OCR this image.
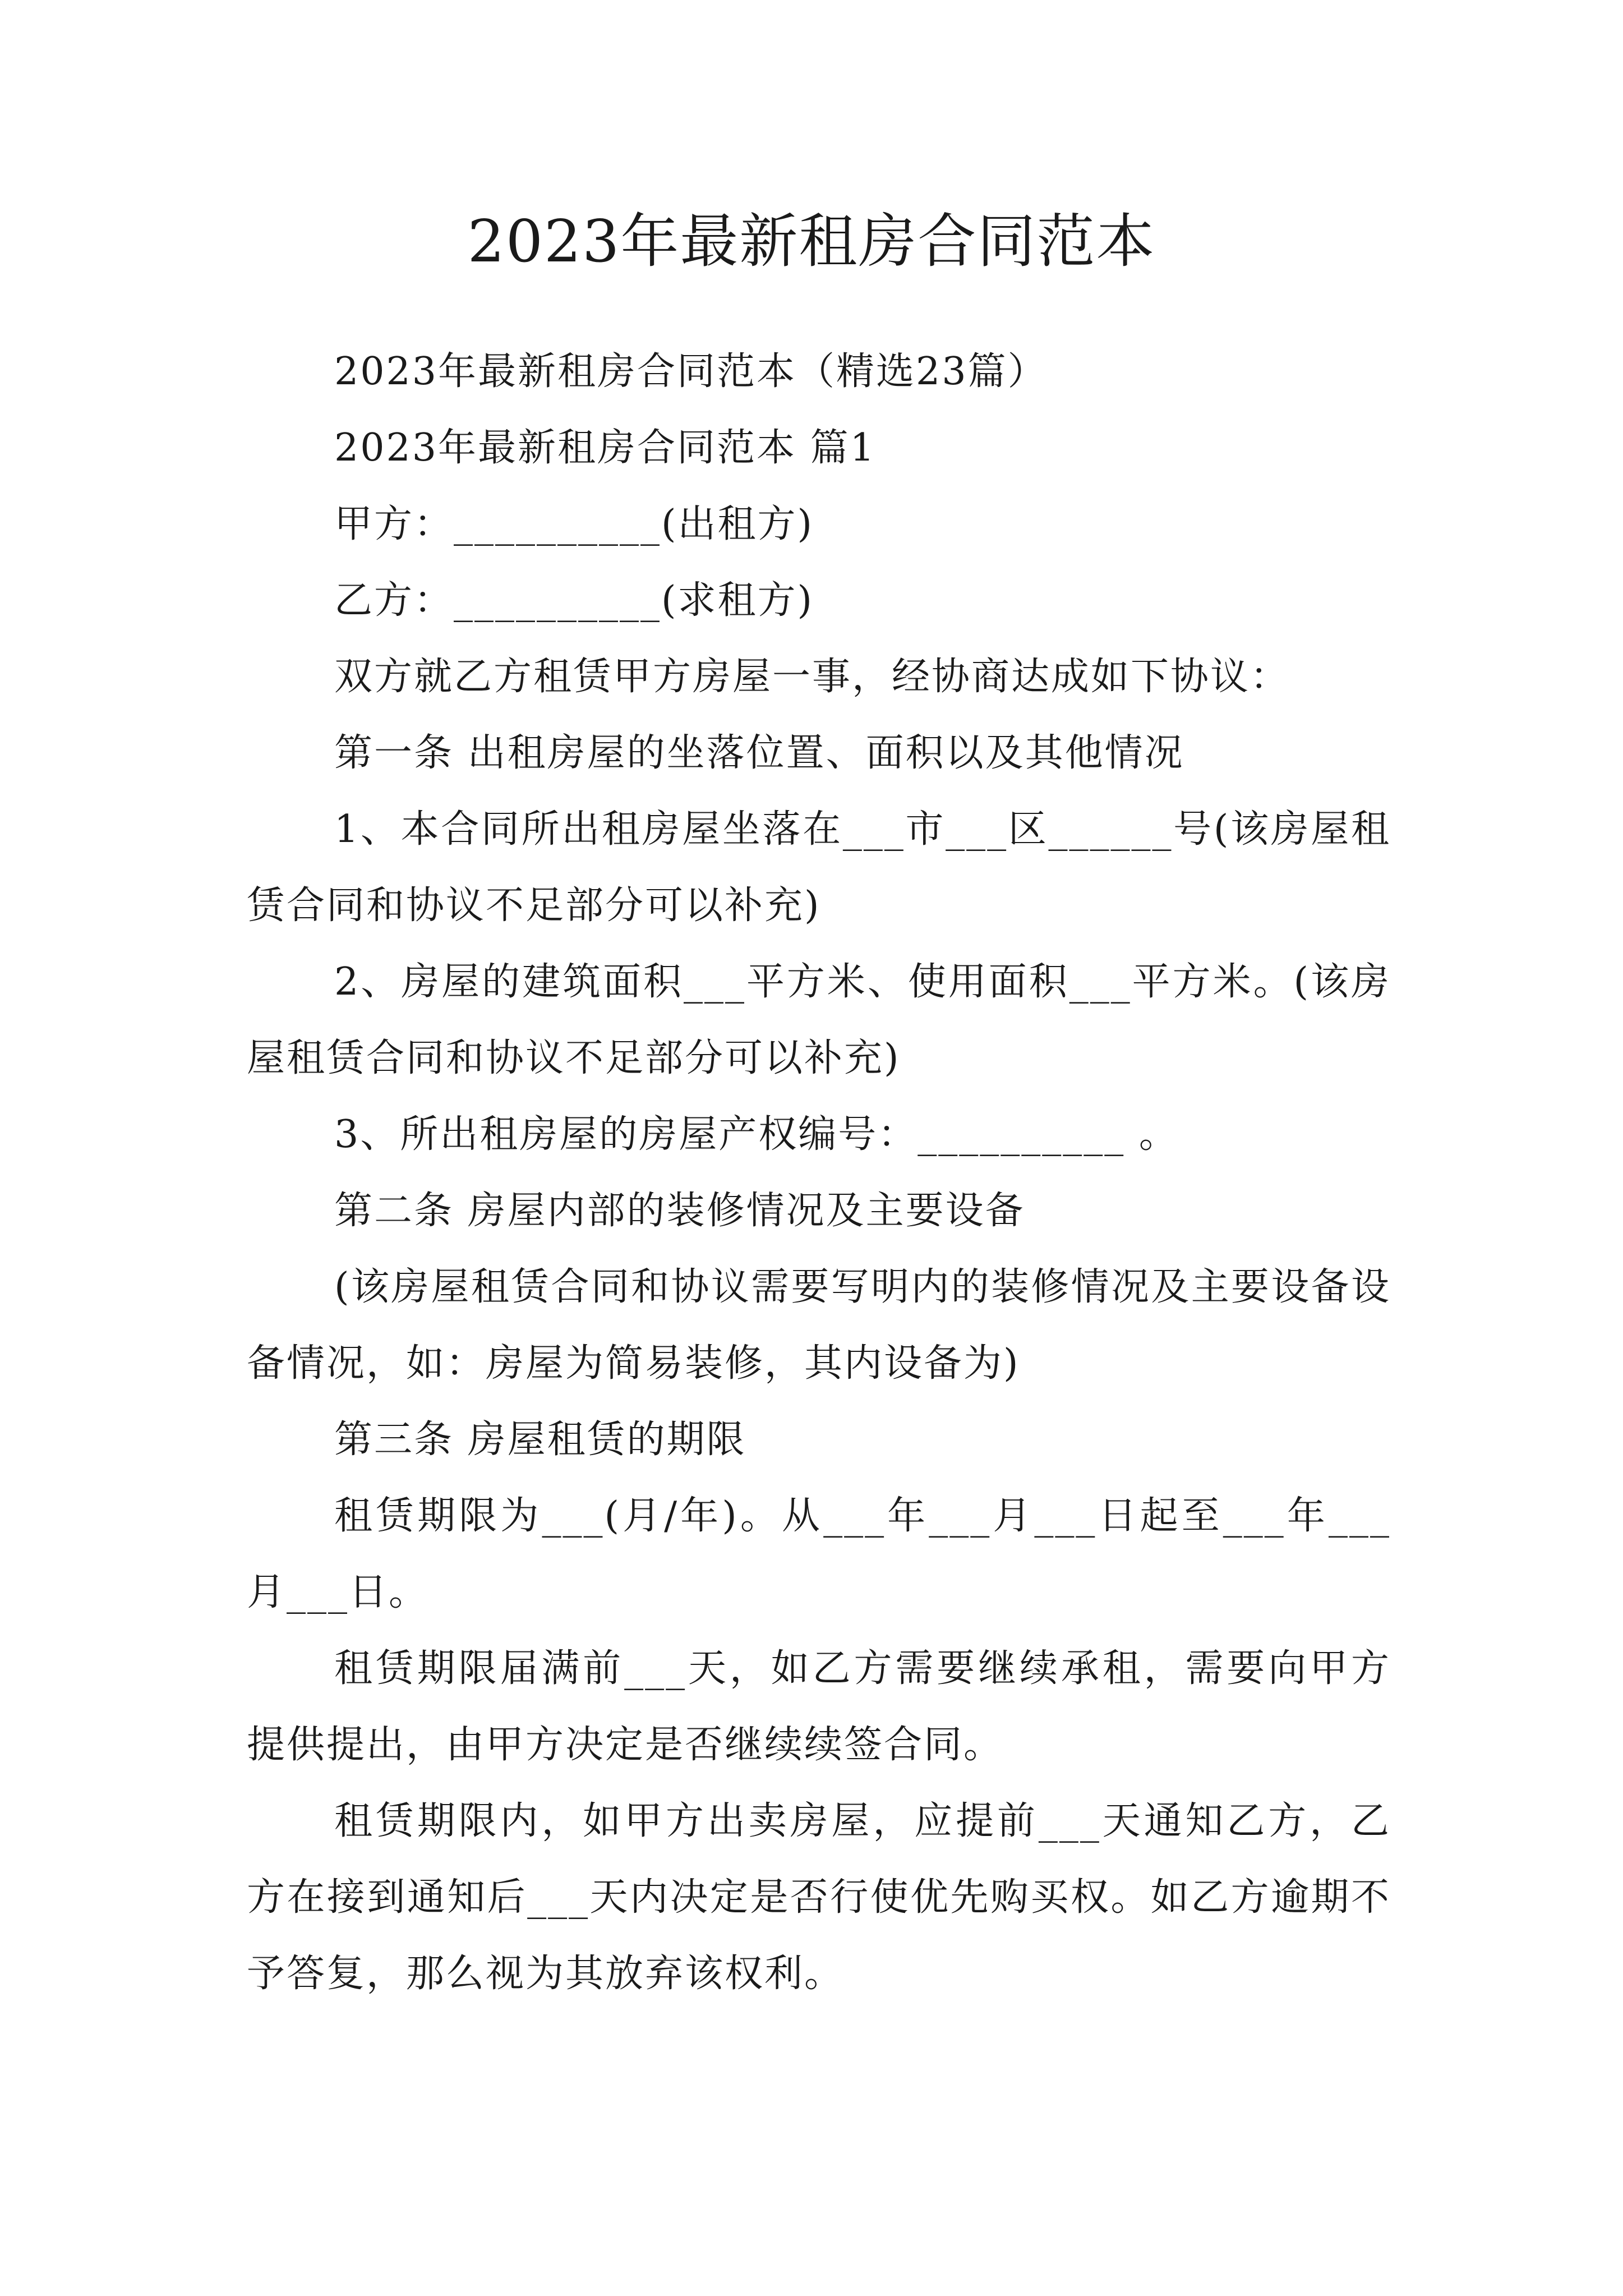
2023年最新租房合同范本

2023年最新租房合同范本（精选23篇）

2023年最新租房合同范本 篇1

甲方：__________(出租方)

乙方：__________(求租方)

双方就乙方租赁甲方房屋一事，经协商达成如下协议：

第一条 出租房屋的坐落位置、面积以及其他情况

1、本合同所出租房屋坐落在___市___区______号(该房屋租赁合同和协议不足部分可以补充)

2、房屋的建筑面积___平方米、使用面积___平方米。(该房屋租赁合同和协议不足部分可以补充)

3、所出租房屋的房屋产权编号：__________ 。

第二条 房屋内部的装修情况及主要设备

(该房屋租赁合同和协议需要写明内的装修情况及主要设备设备情况，如：房屋为简易装修，其内设备为)

第三条 房屋租赁的期限

租赁期限为___(月/年)。从___年___月___日起至___年___月___日。

租赁期限届满前___天，如乙方需要继续承租，需要向甲方提供提出，由甲方决定是否继续续签合同。

租赁期限内，如甲方出卖房屋，应提前___天通知乙方，乙方在接到通知后___天内决定是否行使优先购买权。如乙方逾期不予答复，那么视为其放弃该权利。
